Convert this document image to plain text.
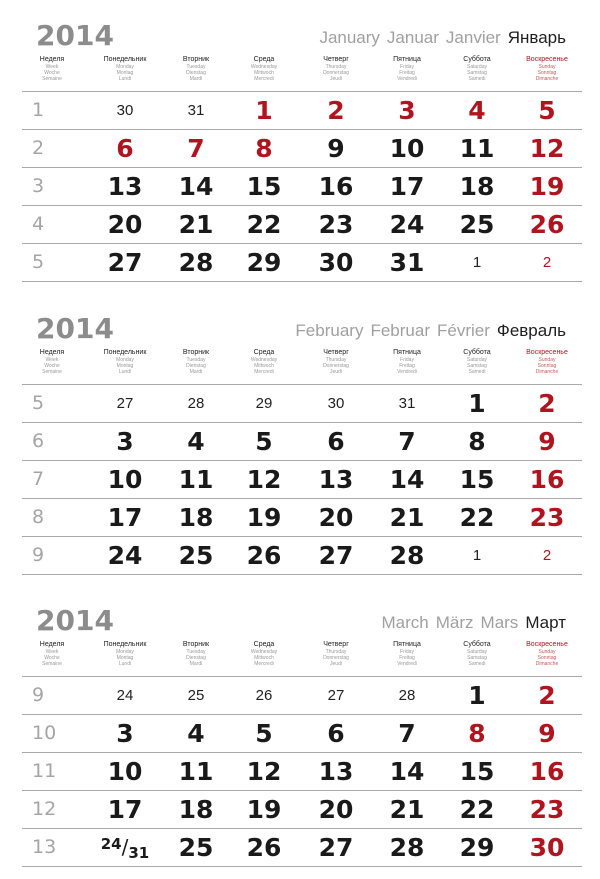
2014	January Januar Janvier Январь
Неделя
Week
Woche
Semaine
Понедельник
Monday
Montag
Lundi
Вторник
Tuesday
Dienstag
Mardi
Среда
Wednesday
Mittwoch
Mercredi
Четверг
Thursday
Donnerstag
Jeudi
Пятница
Friday
Freitag
Vendredi
Суббота
Saturday
Samstag
Samedi
Воскресенье
Sunday
Sonntag
Dimanche
1	30	31	1	2	3	4	5
2	6	7	8	9	10	11	12
3	13	14	15	16	17	18	19
4	20	21	22	23	24	25	26
5	27	28	29	30	31	1	2
2014	February Februar Février Февраль
Неделя
Week
Woche
Semaine
Понедельник
Monday
Montag
Lundi
Вторник
Tuesday
Dienstag
Mardi
Среда
Wednesday
Mittwoch
Mercredi
Четверг
Thursday
Donnerstag
Jeudi
Пятница
Friday
Freitag
Vendredi
Суббота
Saturday
Samstag
Samedi
Воскресенье
Sunday
Sonntag
Dimanche
5	27	28	29	30	31	1	2
6	3	4	5	6	7	8	9
7	10	11	12	13	14	15	16
8	17	18	19	20	21	22	23
9	24	25	26	27	28	1	2
2014	March März Mars Март
Неделя
Week
Woche
Semaine
Понедельник
Monday
Montag
Lundi
Вторник
Tuesday
Dienstag
Mardi
Среда
Wednesday
Mittwoch
Mercredi
Четверг
Thursday
Donnerstag
Jeudi
Пятница
Friday
Freitag
Vendredi
Суббота
Saturday
Samstag
Samedi
Воскресенье
Sunday
Sonntag
Dimanche
9	24	25	26	27	28	1	2
10	3	4	5	6	7	8	9
11	10	11	12	13	14	15	16
12	17	18	19	20	21	22	23
13	24/31	25	26	27	28	29	30
